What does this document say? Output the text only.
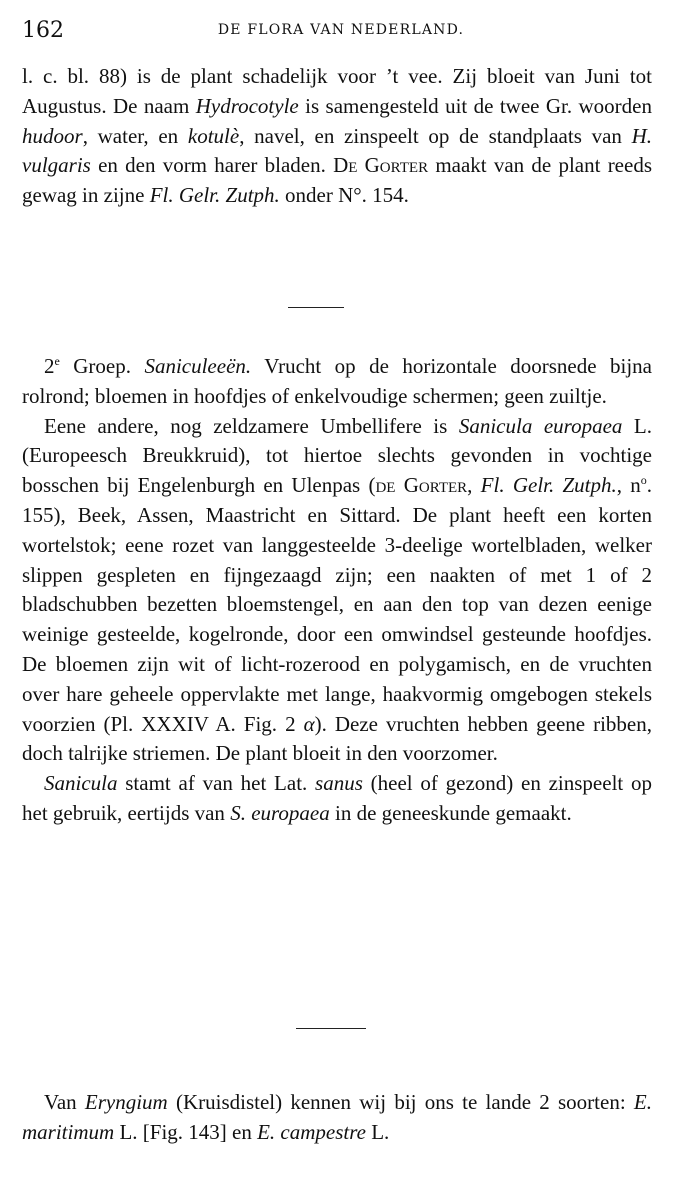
162	DE FLORA VAN NEDERLAND.

l. c. bl. 88) is de plant schadelijk voor ’t vee. Zij bloeit van Juni tot Augustus. De naam Hydrocotyle is samengesteld uit de twee Gr. woorden hudoor, water, en kotulè, navel, en zinspeelt op de standplaats van H. vulgaris en den vorm harer bladen. De Gorter maakt van de plant reeds gewag in zijne Fl. Gelr. Zutph. onder N°. 154.

2e Groep. Saniculeeën. Vrucht op de horizontale doorsnede bijna rolrond; bloemen in hoofdjes of enkelvoudige schermen; geen zuiltje.

Eene andere, nog zeldzamere Umbellifere is Sanicula europaea L. (Europeesch Breukkruid), tot hiertoe slechts gevonden in vochtige bosschen bij Engelenburgh en Ulenpas (de Gorter, Fl. Gelr. Zutph., $n^o$. 155), Beek, Assen, Maastricht en Sittard. De plant heeft een korten wortelstok; eene rozet van langgesteelde 3-deelige wortelbladen, welker slippen gespleten en fijngezaagd zijn; een naakten of met 1 of 2 bladschubben bezetten bloemstengel, en aan den top van dezen eenige weinige gesteelde, kogelronde, door een omwindsel gesteunde hoofdjes. De bloemen zijn wit of licht-rozerood en polygamisch, en de vruchten over hare geheele oppervlakte met lange, haakvormig omgebogen stekels voorzien (Pl. XXXIV A. Fig. 2 α). Deze vruchten hebben geene ribben, doch talrijke striemen. De plant bloeit in den voorzomer.

Sanicula stamt af van het Lat. sanus (heel of gezond) en zinspeelt op het gebruik, eertijds van S. europaea in de geneeskunde gemaakt.

Van Eryngium (Kruisdistel) kennen wij bij ons te lande 2 soorten: E. maritimum L. [Fig. 143] en E. campestre L.
